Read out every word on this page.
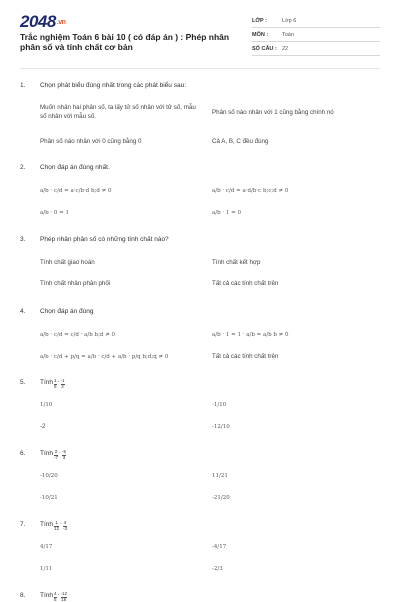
2048.vn
Trắc nghiệm Toán 6 bài 10 ( có đáp án ) : Phép nhân phân số và tính chất cơ bản
LỚP :	Lớp 6
MÔN :	Toán
SỐ CÂU : 22
1.	Chọn phát biểu đúng nhất trong các phát biểu sau:
Muốn nhân hai phân số, ta lấy tử số nhân với tử số, mẫu số nhân với mẫu số.	Phân số nào nhân với 1 cũng bằng chính nó
Phân số nào nhân với 0 cũng bằng 0	Cả A, B, C đều đúng
2.	Chọn đáp án đúng nhất.
a/b · c/d = a·c/b·d b;d ≠ 0	a/b · c/d = a·d/b·c b;c;d ≠ 0
a/b · 0 = 1	a/b · 1 = 0
3.	Phép nhân phân số có những tính chất nào?
Tính chất giao hoán	Tính chất kết hợp
Tính chất nhân phân phối	Tất cả các tính chất trên
4.	Chọn đáp án đúng
a/b · c/d = c/d · a/b b;d ≠ 0	a/b · 1 = 1 · a/b = a/b b ≠ 0
a/b · c/d + p/q = a/b · c/d + a/b · p/q b;d;q ≠ 0	Tất cả các tính chất trên
5.	Tính $\frac{1}{5} \cdot \frac{-1}{2}$
1/10	-1/10
-2	-12/10
6.	Tính $\frac{2}{-7} \cdot \frac{-5}{3}$
-10/20	11/21
-10/21	-21/20
7.	Tính $\frac{1}{12} \cdot \frac{4}{-3}$
4/17	-4/17
1/11	-2/3
8.	Tính $\frac{4}{5} \cdot \frac{-12}{16}$
